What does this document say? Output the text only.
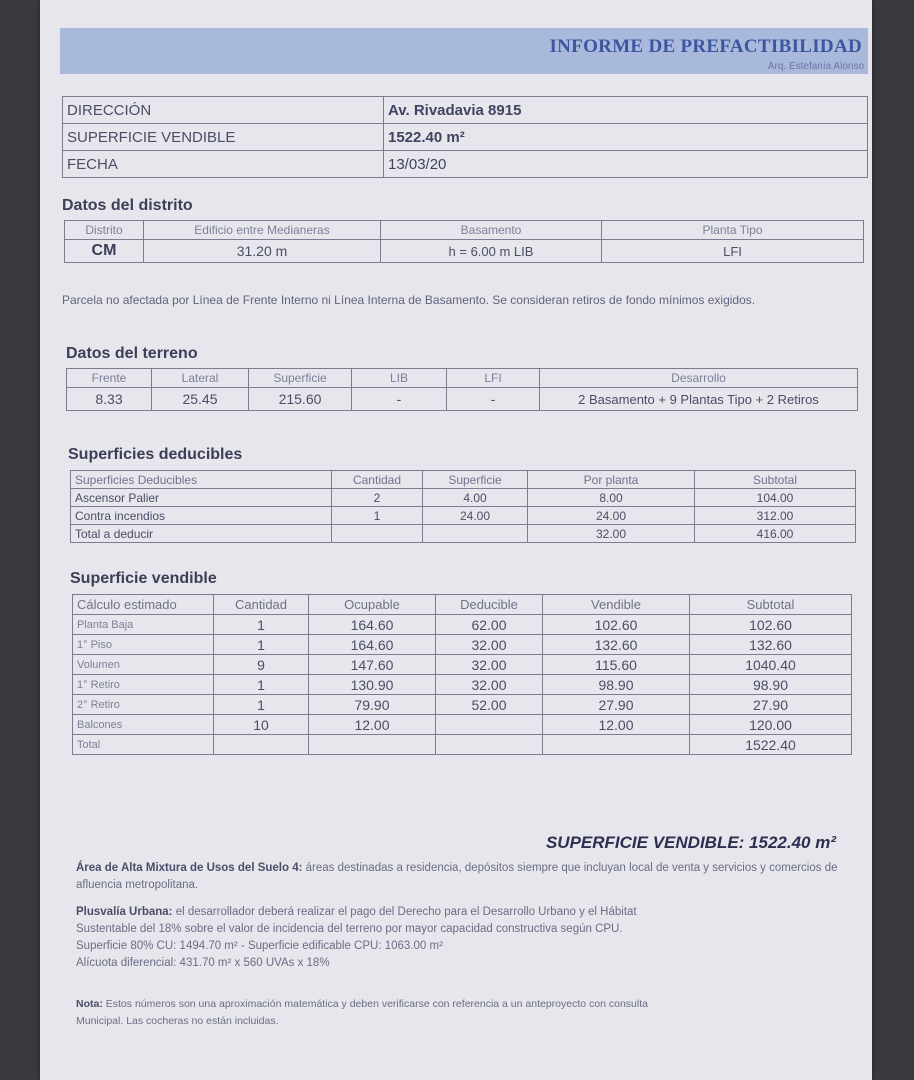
INFORME DE PREFACTIBILIDAD
Arq. Estefanía Alonso
DIRECCIÓN	Av. Rivadavia 8915
SUPERFICIE VENDIBLE	1522.40 m²
FECHA	13/03/20
Datos del distrito
Distrito	Edificio entre Medianeras	Basamento	Planta Tipo
CM	31.20 m	h = 6.00 m LIB	LFI
Parcela no afectada por Línea de Frente Interno ni Línea Interna de Basamento. Se consideran retiros de fondo mínimos exigidos.
Datos del terreno
Frente	Lateral	Superficie	LIB	LFI	Desarrollo
8.33	25.45	215.60	-	-	2 Basamento + 9 Plantas Tipo + 2 Retiros
Superficies deducibles
Superficies Deducibles	Cantidad	Superficie	Por planta	Subtotal
Ascensor Palier	2	4.00	8.00	104.00
Contra incendios	1	24.00	24.00	312.00
Total a deducir			32.00	416.00
Superficie vendible
Cálculo estimado	Cantidad	Ocupable	Deducible	Vendible	Subtotal
Planta Baja	1	164.60	62.00	102.60	102.60
1° Piso	1	164.60	32.00	132.60	132.60
Volumen	9	147.60	32.00	115.60	1040.40
1° Retiro	1	130.90	32.00	98.90	98.90
2° Retiro	1	79.90	52.00	27.90	27.90
Balcones	10	12.00		12.00	120.00
Total					1522.40
SUPERFICIE VENDIBLE: 1522.40 m²
Área de Alta Mixtura de Usos del Suelo 4: áreas destinadas a residencia, depósitos siempre que incluyan local de venta y servicios y comercios de afluencia metropolitana.
Plusvalía Urbana: el desarrollador deberá realizar el pago del Derecho para el Desarrollo Urbano y el Hábitat
Sustentable del 18% sobre el valor de incidencia del terreno por mayor capacidad constructiva según CPU.
Superficie 80% CU: 1494.70 m² - Superficie edificable CPU: 1063.00 m²
Alícuota diferencial: 431.70 m² x 560 UVAs x 18%
Nota: Estos números son una aproximación matemática y deben verificarse con referencia a un anteproyecto con consulta
Municipal. Las cocheras no están incluidas.
